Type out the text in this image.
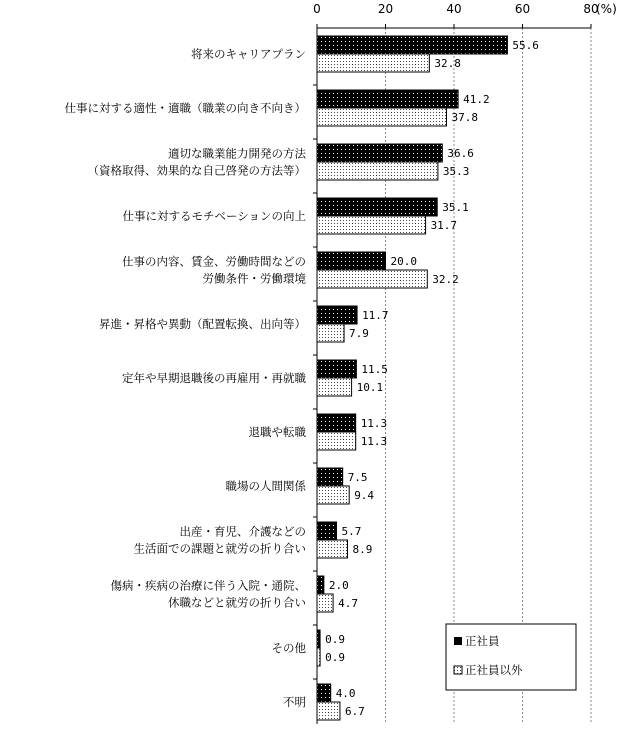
(%)
0	20	40	60	80
55.6
32.8
41.2
37.8
36.6
35.3
35.1
31.7
20.0
32.2
11.7
7.9
11.5
10.1
11.3
11.3
7.5
9.4
5.7
8.9
2.0
4.7
0.9
0.9
4.0
6.7
将来のキャリアプラン
仕事に対する適性・適職（職業の向き不向き）
適切な職業能力開発の方法
（資格取得、効果的な自己啓発の方法等）
仕事に対するモチベーションの向上
仕事の内容、賃金、労働時間などの
労働条件・労働環境
昇進・昇格や異動（配置転換、出向等）
定年や早期退職後の再雇用・再就職
退職や転職
職場の人間関係
出産・育児、介護などの
生活面での課題と就労の折り合い
傷病・疾病の治療に伴う入院・通院、
休職などと就労の折り合い
その他
不明
正社員
正社員以外
